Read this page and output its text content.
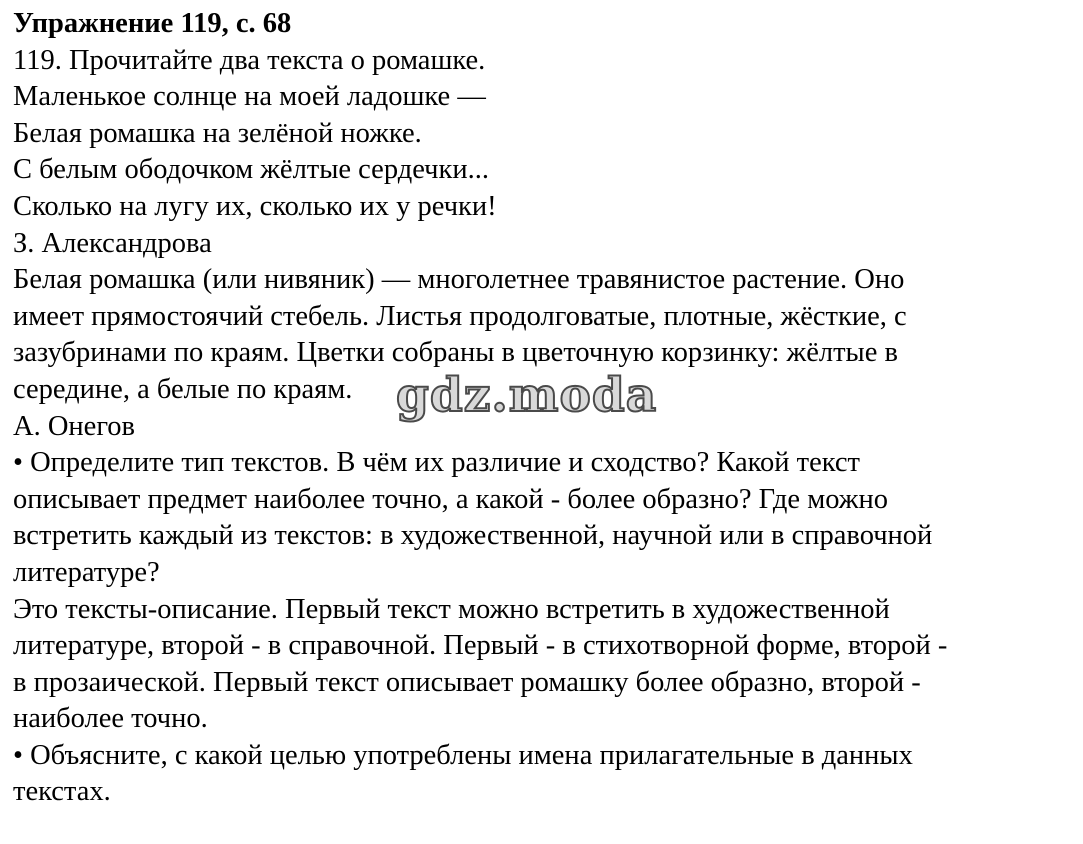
Упражнение 119, с. 68

119. Прочитайте два текста о ромашке.

Маленькое солнце на моей ладошке —

Белая ромашка на зелёной ножке.

С белым ободочком жёлтые сердечки...

Сколько на лугу их, сколько их у речки!

З. Александрова

Белая ромашка (или нивяник) — многолетнее травянистое растение. Оно

имеет прямостоячий стебель. Листья продолговатые, плотные, жёсткие, с

зазубринами по краям. Цветки собраны в цветочную корзинку: жёлтые в

середине, а белые по краям.

А. Онегов

• Определите тип текстов. В чём их различие и сходство? Какой текст

описывает предмет наиболее точно, а какой - более образно? Где можно

встретить каждый из текстов: в художественной, научной или в справочной

литературе?

Это тексты-описание. Первый текст можно встретить в художественной

литературе, второй - в справочной. Первый - в стихотворной форме, второй -

в прозаической. Первый текст описывает ромашку более образно, второй -

наиболее точно.

• Объясните, с какой целью употреблены имена прилагательные в данных

текстах.

gdz.moda
